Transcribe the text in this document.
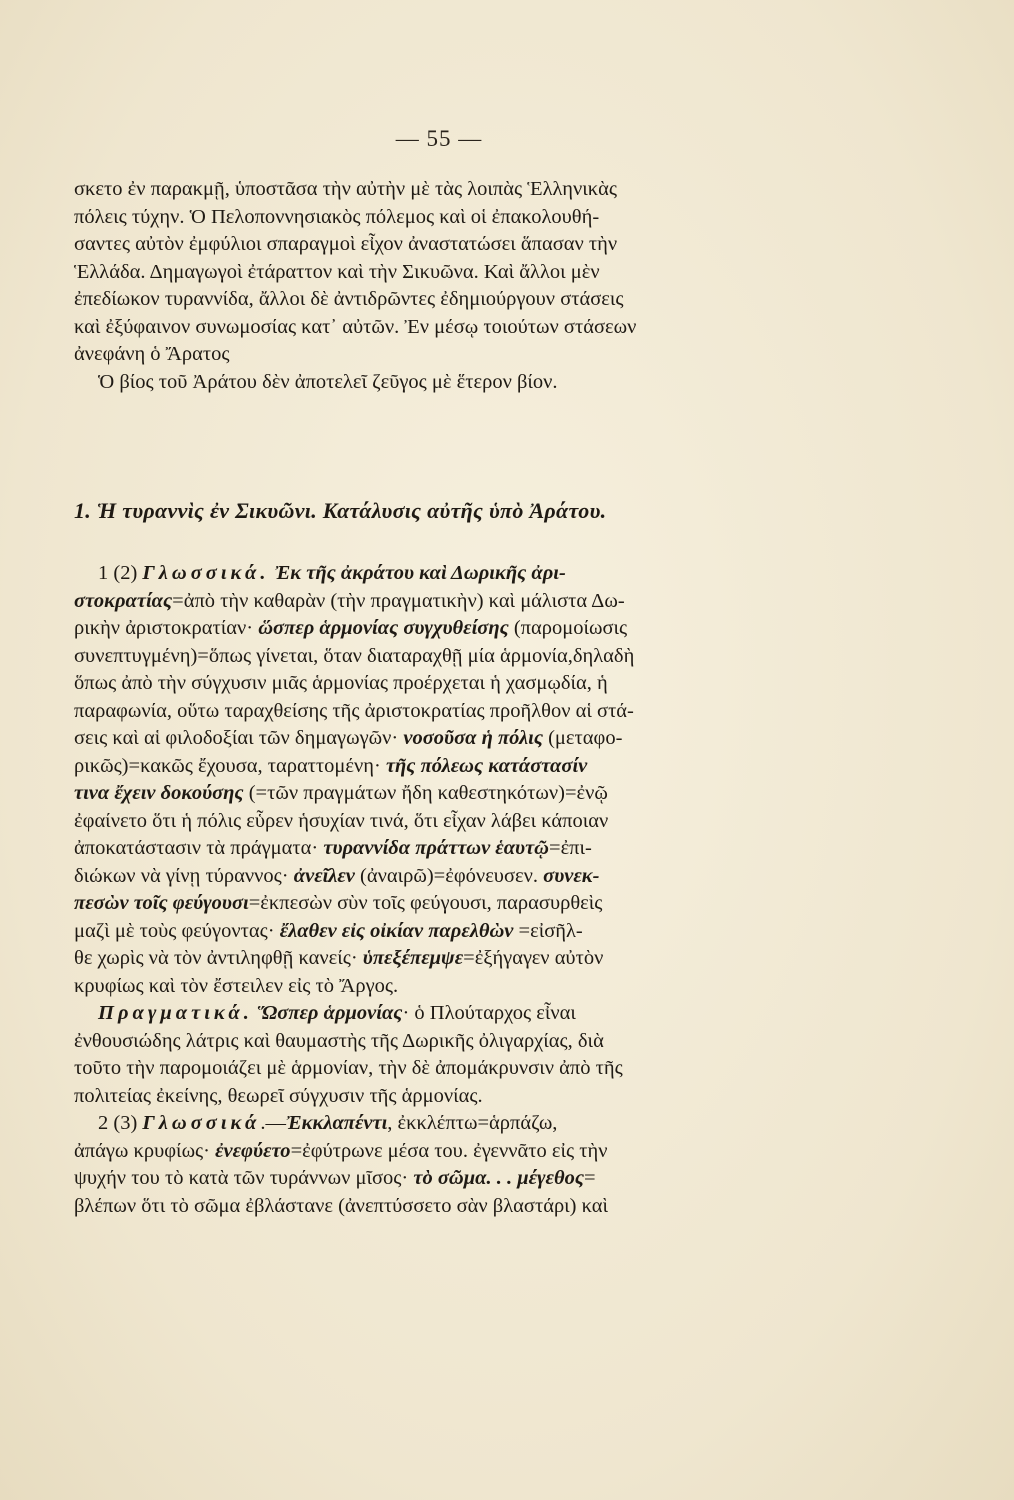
— 55 —
σκετο ἐν παρακμῇ, ὑποστᾶσα τὴν αὐτὴν μὲ τὰς λοιπὰς Ἑλληνικὰς
πόλεις τύχην. Ὁ Πελοποννησιακὸς πόλεμος καὶ οἱ ἐπακολουθή-
σαντες αὐτὸν ἐμφύλιοι σπαραγμοὶ εἶχον ἀναστατώσει ἅπασαν τὴν
Ἑλλάδα. Δημαγωγοὶ ἐτάραττον καὶ τὴν Σικυῶνα. Καὶ ἄλλοι μὲν
ἐπεδίωκον τυραννίδα, ἄλλοι δὲ ἀντιδρῶντες ἐδημιούργουν στάσεις
καὶ ἐξύφαινον συνωμοσίας κατ᾽ αὐτῶν. Ἐν μέσῳ τοιούτων στάσεων
ἀνεφάνη ὁ Ἄρατος
Ὁ βίος τοῦ Ἀράτου δὲν ἀποτελεῖ ζεῦγος μὲ ἕτερον βίον.
1. Ἡ τυραννὶς ἐν Σικυῶνι. Κατάλυσις αὐτῆς ὑπὸ Ἀράτου.
1 (2) Γλωσσικά. Ἐκ τῆς ἀκράτου καὶ Δωρικῆς ἀρι-
στοκρατίας=ἀπὸ τὴν καθαρὰν (τὴν πραγματικὴν) καὶ μάλιστα Δω-
ρικὴν ἀριστοκρατίαν· ὥσπερ ἁρμονίας συγχυθείσης (παρομοίωσις
συνεπτυγμένη)=ὅπως γίνεται, ὅταν διαταραχθῇ μία ἁρμονία,δηλαδὴ
ὅπως ἀπὸ τὴν σύγχυσιν μιᾶς ἁρμονίας προέρχεται ἡ χασμῳδία, ἡ
παραφωνία, οὕτω ταραχθείσης τῆς ἀριστοκρατίας προῆλθον αἱ στά-
σεις καὶ αἱ φιλοδοξίαι τῶν δημαγωγῶν· νοσοῦσα ἡ πόλις (μεταφο-
ρικῶς)=κακῶς ἔχουσα, ταραττομένη· τῆς πόλεως κατάστασίν
τινα ἔχειν δοκούσης (=τῶν πραγμάτων ἤδη καθεστηκότων)=ἐνῷ
ἐφαίνετο ὅτι ἡ πόλις εὗρεν ἡσυχίαν τινά, ὅτι εἶχαν λάβει κάποιαν
ἀποκατάστασιν τὰ πράγματα· τυραννίδα πράττων ἑαυτῷ=ἐπι-
διώκων νὰ γίνῃ τύραννος· ἀνεῖλεν (ἀναιρῶ)=ἐφόνευσεν. συνεκ-
πεσὼν τοῖς φεύγουσι=ἐκπεσὼν σὺν τοῖς φεύγουσι, παρασυρθεὶς
μαζὶ μὲ τοὺς φεύγοντας· ἔλαθεν εἰς οἰκίαν παρελθὼν =εἰσῆλ-
θε χωρὶς νὰ τὸν ἀντιληφθῇ κανείς· ὑπεξέπεμψε=ἐξήγαγεν αὐτὸν
κρυφίως καὶ τὸν ἔστειλεν εἰς τὸ Ἄργος.
Πραγματικά. Ὥσπερ ἁρμονίας· ὁ Πλούταρχος εἶναι
ἐνθουσιώδης λάτρις καὶ θαυμαστὴς τῆς Δωρικῆς ὀλιγαρχίας, διὰ
τοῦτο τὴν παρομοιάζει μὲ ἁρμονίαν, τὴν δὲ ἀπομάκρυνσιν ἀπὸ τῆς
πολιτείας ἐκείνης, θεωρεῖ σύγχυσιν τῆς ἁρμονίας.
2 (3) Γλωσσικά.—Ἐκκλαπέντι, ἐκκλέπτω=ἁρπάζω,
ἀπάγω κρυφίως· ἐνεφύετο=ἐφύτρωνε μέσα του. ἐγεννᾶτο εἰς τὴν
ψυχήν του τὸ κατὰ τῶν τυράννων μῖσος· τὸ σῶμα. . . μέγεθος=
βλέπων ὅτι τὸ σῶμα ἐβλάστανε (ἀνεπτύσσετο σὰν βλαστάρι) καὶ
